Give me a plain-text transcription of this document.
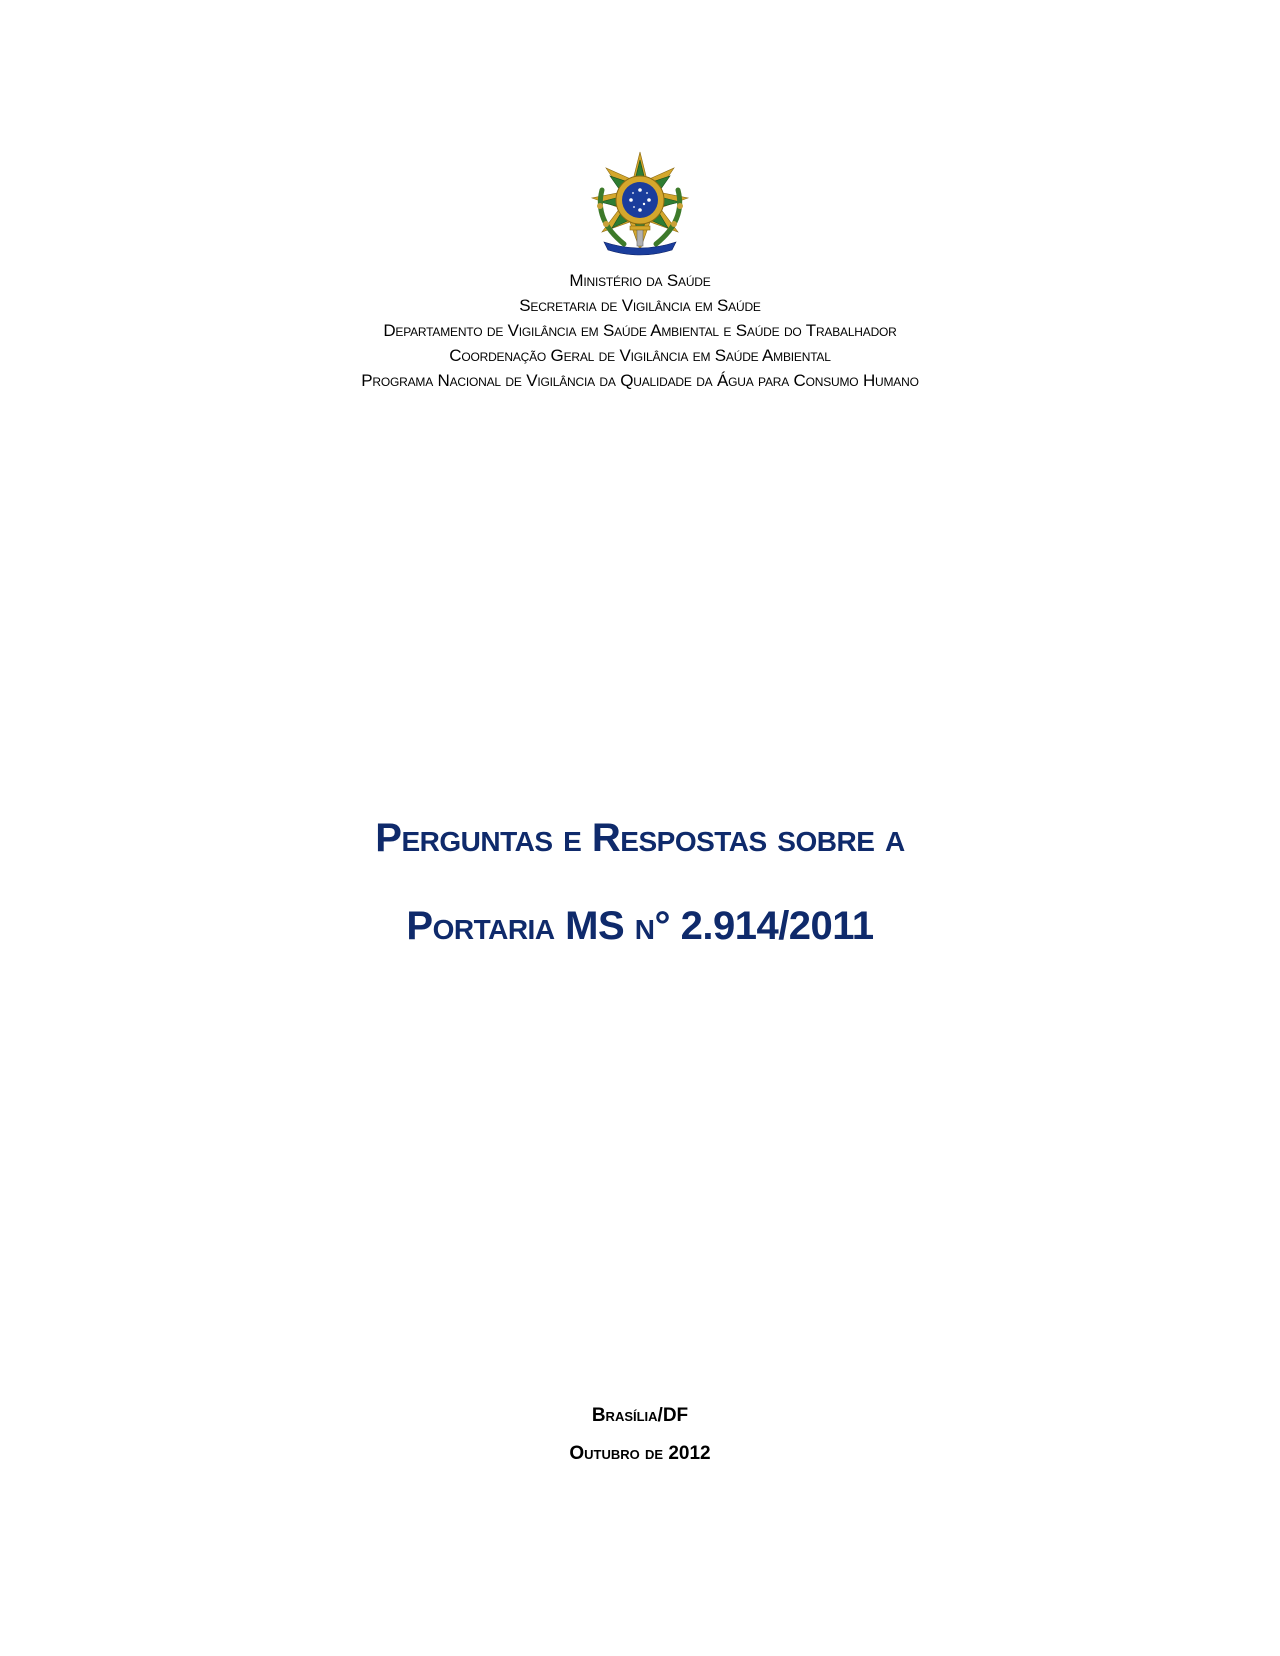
Ministério da Saúde
Secretaria de Vigilância em Saúde
Departamento de Vigilância em Saúde Ambiental e Saúde do Trabalhador
Coordenação Geral de Vigilância em Saúde Ambiental
Programa Nacional de Vigilância da Qualidade da Água para Consumo Humano
Perguntas e Respostas sobre a
Portaria MS n° 2.914/2011
Brasília/DF
Outubro de 2012
